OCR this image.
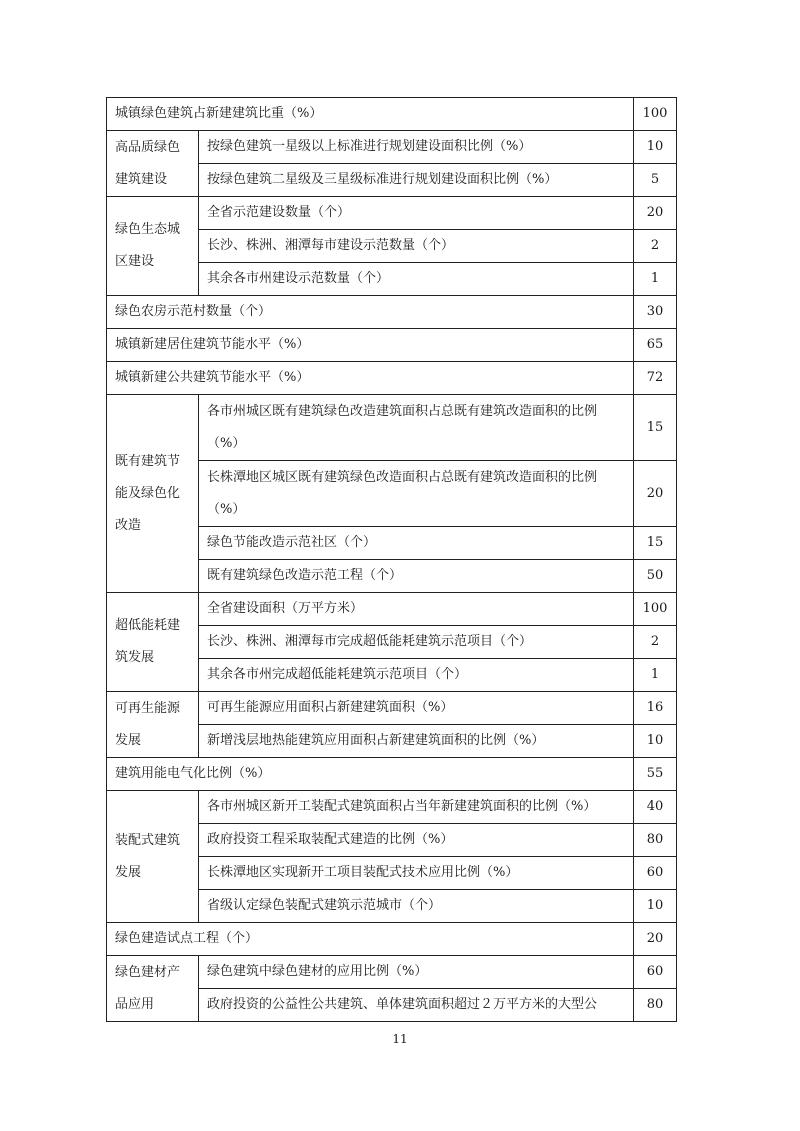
城镇绿色建筑占新建建筑比重（%）		100

高品质绿色
建筑建设	按绿色建筑一星级以上标准进行规划建设面积比例（%）	10
	按绿色建筑二星级及三星级标准进行规划建设面积比例（%）	5

绿色生态城
区建设	全省示范建设数量（个）	20
	长沙、株洲、湘潭每市建设示范数量（个）	2
	其余各市州建设示范数量（个）	1
绿色农房示范村数量（个）		30
城镇新建居住建筑节能水平（%）		65
城镇新建公共建筑节能水平（%）		72

既有建筑节
能及绿色化
改造	各市州城区既有建筑绿色改造建筑面积占总既有建筑改造面积的比例（%）	15
	长株潭地区城区既有建筑绿色改造面积占总既有建筑改造面积的比例（%）	20
	绿色节能改造示范社区（个）	15
	既有建筑绿色改造示范工程（个）	50

超低能耗建
筑发展	全省建设面积（万平方米）	100
	长沙、株洲、湘潭每市完成超低能耗建筑示范项目（个）	2
	其余各市州完成超低能耗建筑示范项目（个）	1

可再生能源
发展	可再生能源应用面积占新建建筑面积（%）	16
	新增浅层地热能建筑应用面积占新建建筑面积的比例（%）	10
建筑用能电气化比例（%）		55

装配式建筑
发展	各市州城区新开工装配式建筑面积占当年新建建筑面积的比例（%）	40
	政府投资工程采取装配式建造的比例（%）	80
	长株潭地区实现新开工项目装配式技术应用比例（%）	60
	省级认定绿色装配式建筑示范城市（个）	10
绿色建造试点工程（个）		20

绿色建材产
品应用	绿色建筑中绿色建材的应用比例（%）	60
	政府投资的公益性公共建筑、单体建筑面积超过２万平方米的大型公	80
11
